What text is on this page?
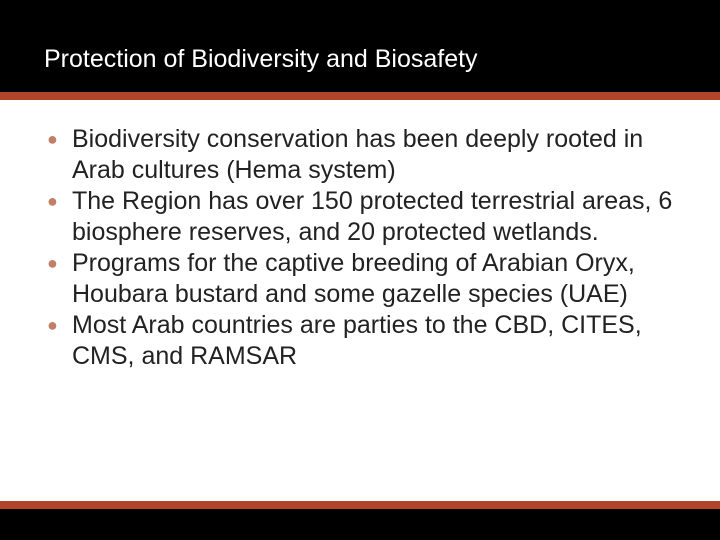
Protection of Biodiversity and Biosafety
● Biodiversity conservation has been deeply rooted in Arab cultures (Hema system)
● The Region has over 150 protected terrestrial areas, 6 biosphere reserves, and 20 protected wetlands.
● Programs for the captive breeding of Arabian Oryx, Houbara bustard and some gazelle species (UAE)
● Most Arab countries are parties to the CBD, CITES, CMS, and RAMSAR
